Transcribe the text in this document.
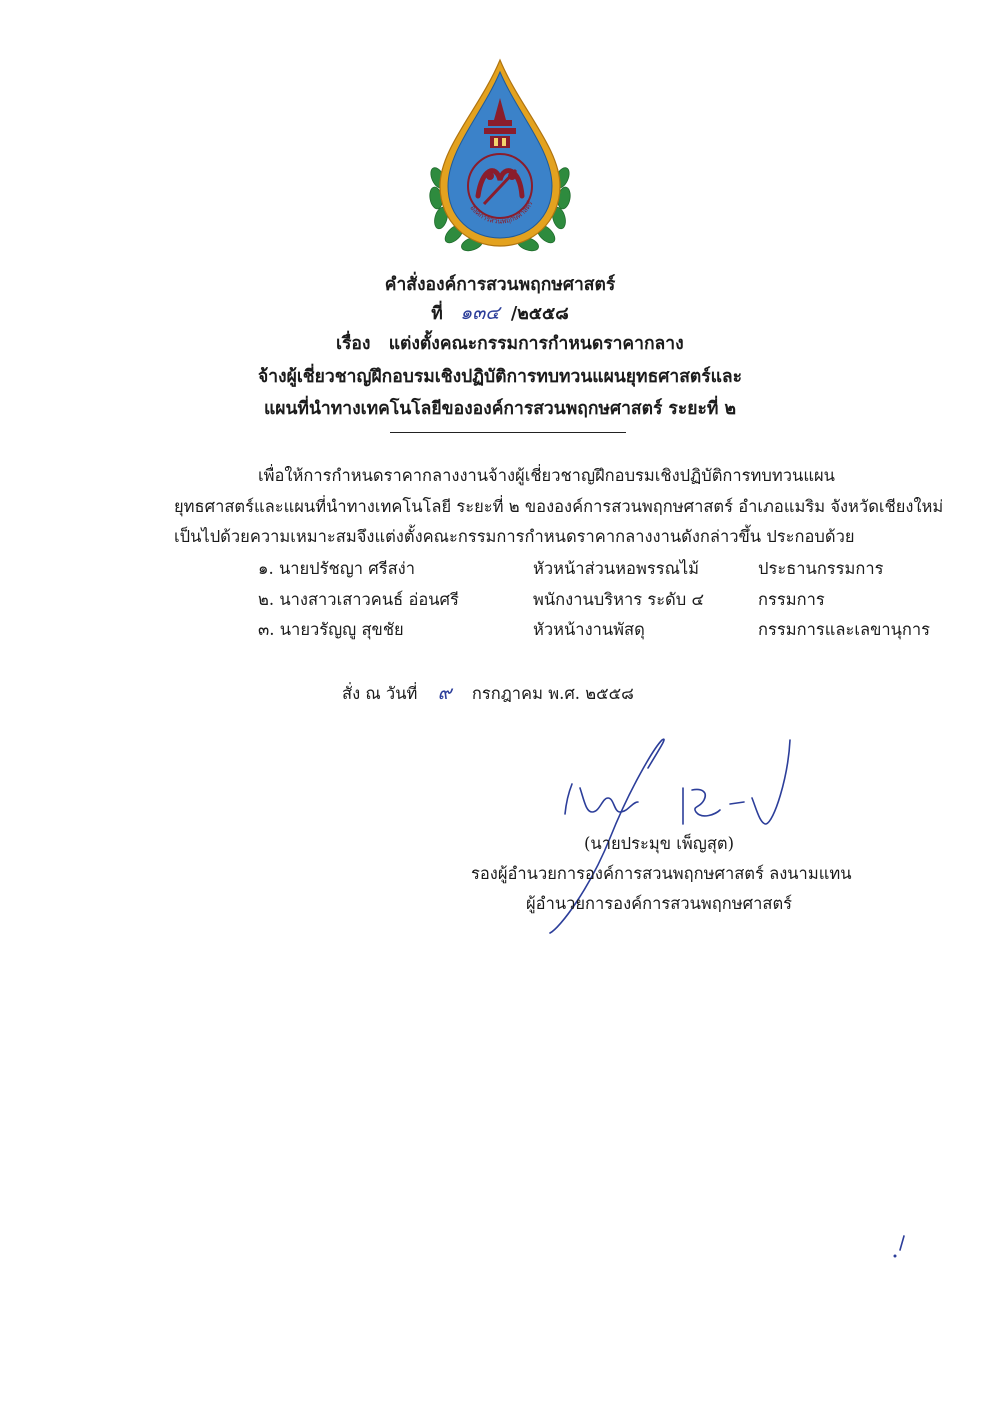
องค์การสวนพฤกษศาสตร์
คำสั่งองค์การสวนพฤกษศาสตร์
ที่ ๑๓๔ /๒๕๕๘
เรื่อง แต่งตั้งคณะกรรมการกำหนดราคากลาง
จ้างผู้เชี่ยวชาญฝึกอบรมเชิงปฏิบัติการทบทวนแผนยุทธศาสตร์และ
แผนที่นำทางเทคโนโลยีขององค์การสวนพฤกษศาสตร์ ระยะที่ ๒
เพื่อให้การกำหนดราคากลางงานจ้างผู้เชี่ยวชาญฝึกอบรมเชิงปฏิบัติการทบทวนแผน
ยุทธศาสตร์และแผนที่นำทางเทคโนโลยี ระยะที่ ๒ ขององค์การสวนพฤกษศาสตร์ อำเภอแมริม จังหวัดเชียงใหม่
เป็นไปด้วยความเหมาะสมจึงแต่งตั้งคณะกรรมการกำหนดราคากลางงานดังกล่าวขึ้น ประกอบด้วย
๑. นายปรัชญา ศรีสง่า	หัวหน้าส่วนหอพรรณไม้	ประธานกรรมการ
๒. นางสาวเสาวคนธ์ อ่อนศรี	พนักงานบริหาร ระดับ ๔	กรรมการ
๓. นายวรัญญู สุขชัย	หัวหน้างานพัสดุ	กรรมการและเลขานุการ
สั่ง ณ วันที่ ๙ กรกฎาคม พ.ศ. ๒๕๕๘
(นายประมุข เพ็ญสุต)
รองผู้อำนวยการองค์การสวนพฤกษศาสตร์ ลงนามแทน
ผู้อำนวยการองค์การสวนพฤกษศาสตร์
